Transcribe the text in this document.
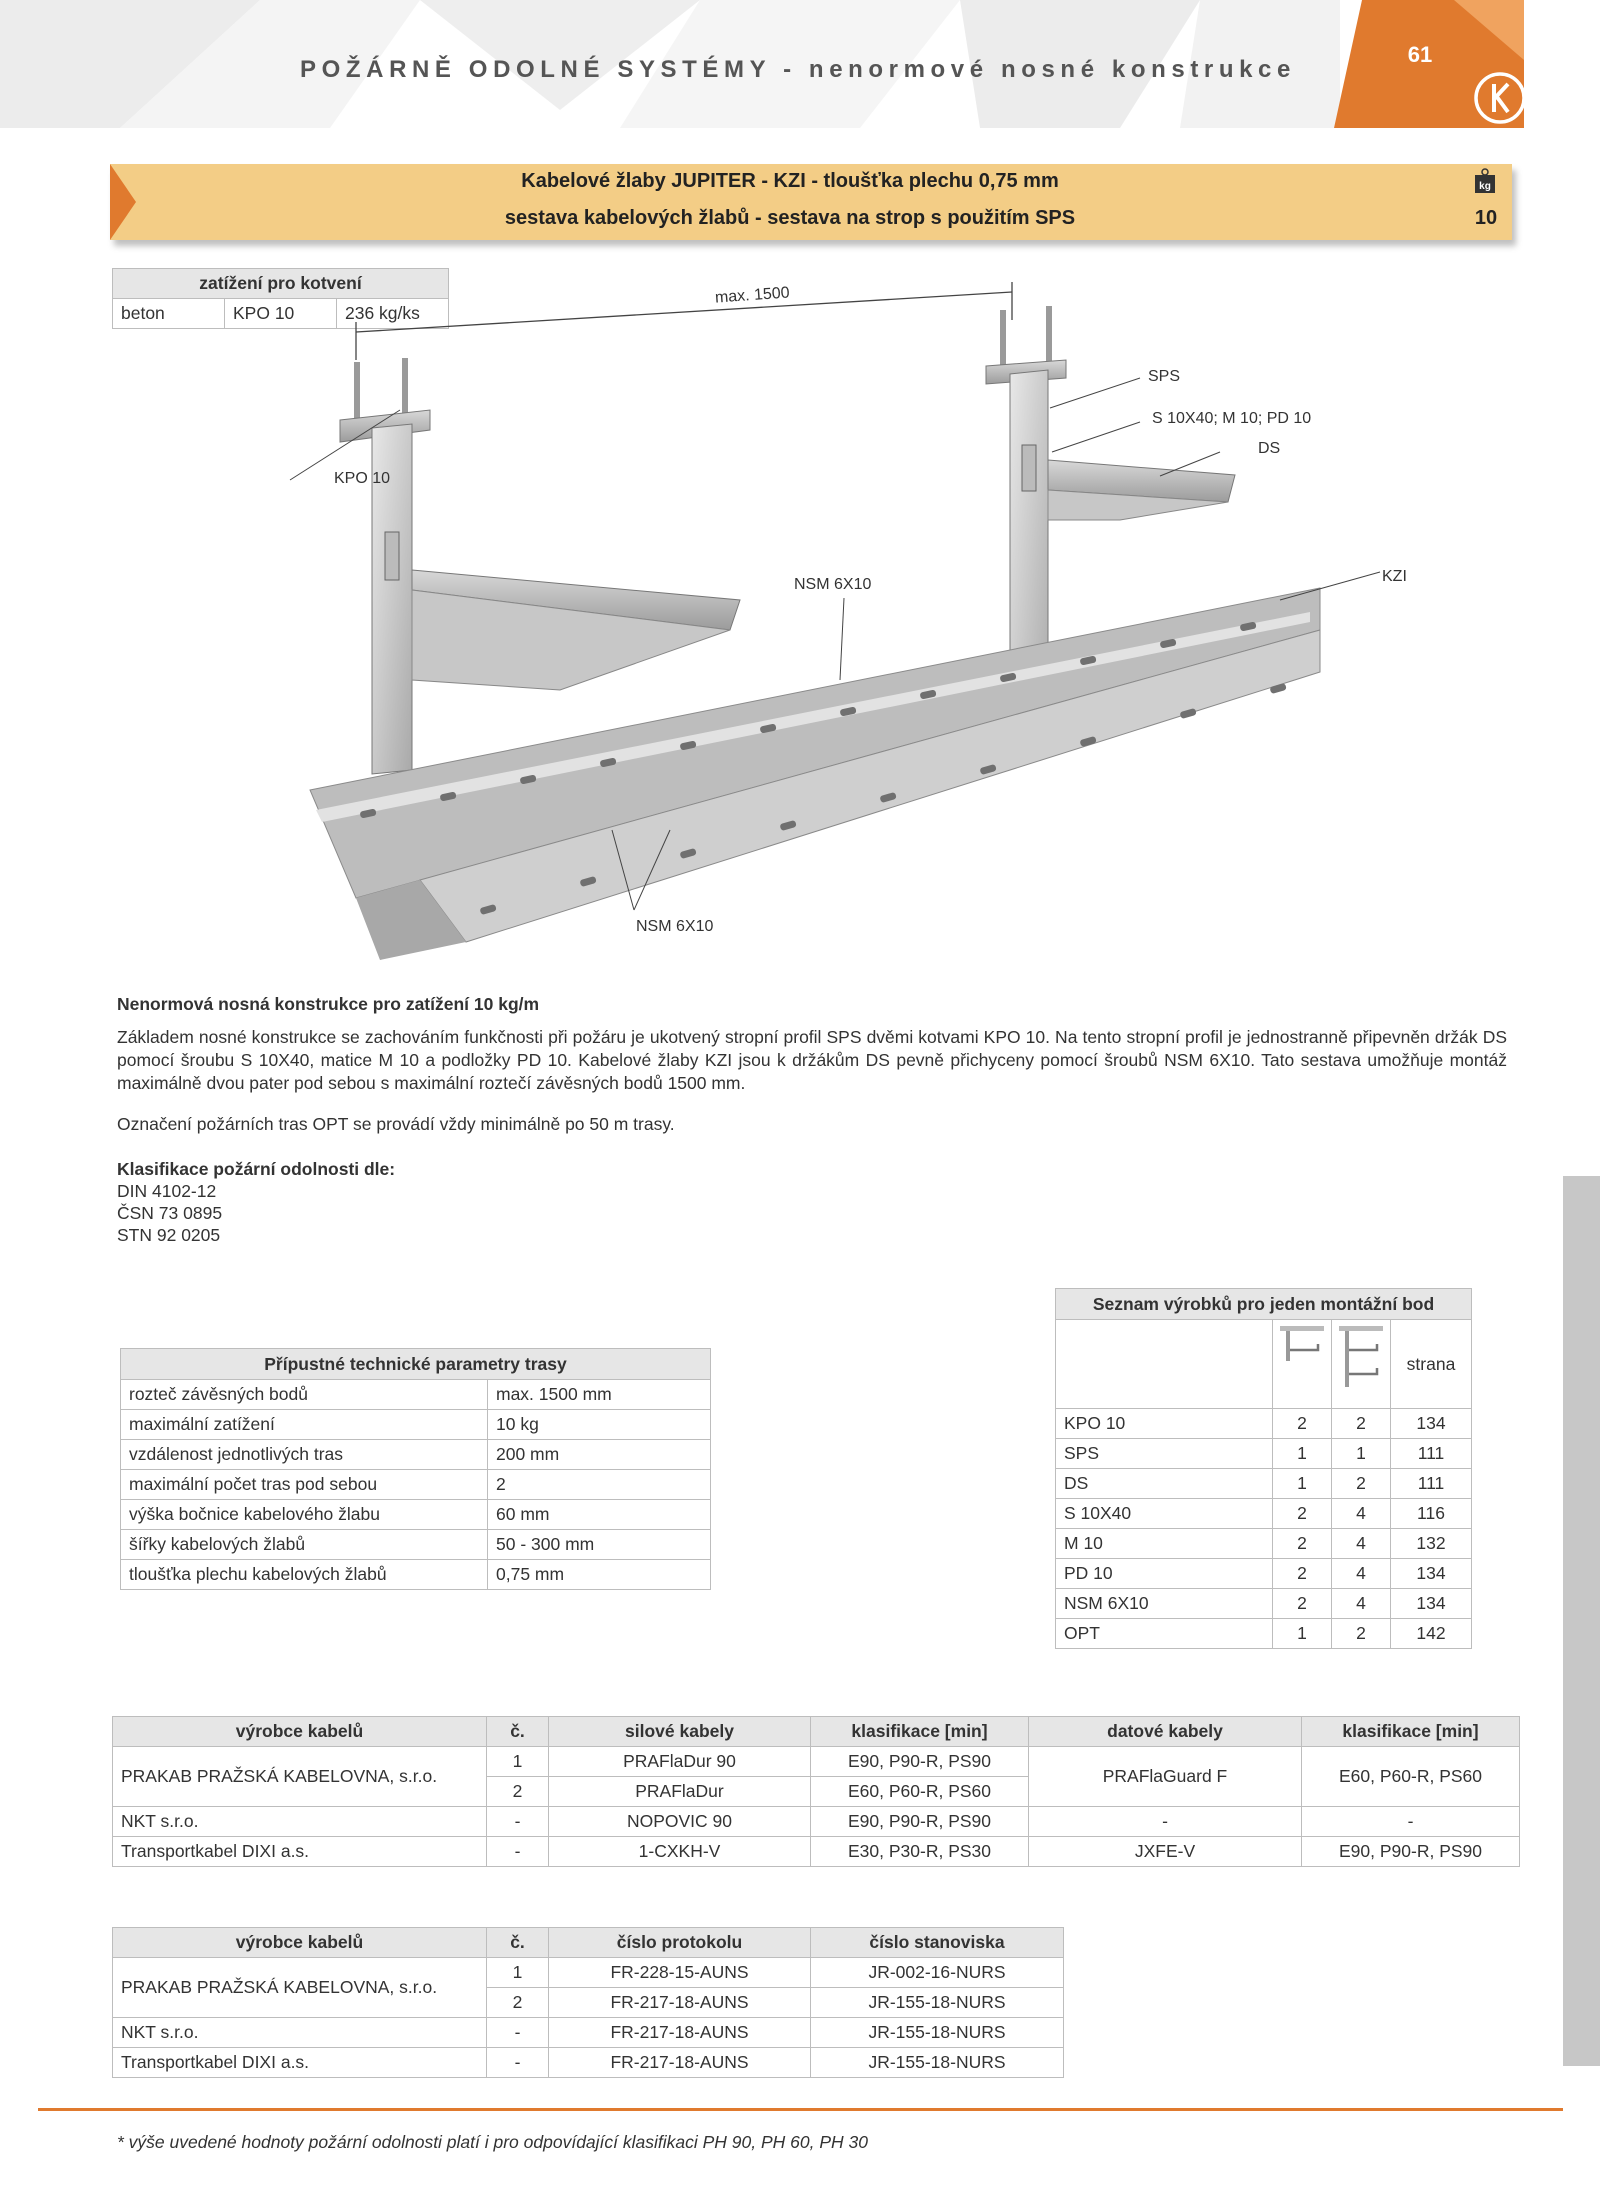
POŽÁRNĚ ODOLNÉ SYSTÉMY - nenormové nosné konstrukce
61
Kabelové žlaby JUPITER - KZI - tloušťka plechu 0,75 mm
sestava kabelových žlabů - sestava na strop s použitím SPS
kg
10
zatížení pro kotvení
beton	KPO 10	236 kg/ks
max. 1500
SPS
S 10X40; M 10; PD 10
DS
KPO 10
NSM 6X10	KZI
NSM 6X10
Nenormová nosná konstrukce pro zatížení 10 kg/m
Základem nosné konstrukce se zachováním funkčnosti při požáru je ukotvený stropní profil SPS dvěmi kotvami KPO 10. Na tento stropní profil je jednostranně připevněn držák DS pomocí šroubu S 10X40, matice M 10 a podložky PD 10. Kabelové žlaby KZI jsou k držákům DS pevně přichyceny pomocí šroubů NSM 6X10. Tato sestava umožňuje montáž maximálně dvou pater pod sebou s maximální roztečí závěsných bodů 1500 mm.
Označení požárních tras OPT se provádí vždy minimálně po 50 m trasy.
Klasifikace požární odolnosti dle:
DIN 4102-12
ČSN 73 0895
STN 92 0205
Přípustné technické parametry trasy	
rozteč závěsných bodů	max. 1500 mm
maximální zatížení	10 kg
vzdálenost jednotlivých tras	200 mm
maximální počet tras pod sebou	2
výška bočnice kabelového žlabu	60 mm
šířky kabelových žlabů	50 - 300 mm
tloušťka plechu kabelových žlabů	0,75 mm
Seznam výrobků pro jeden montážní bod			
			strana
KPO 10	2	2	134
SPS	1	1	111
DS	1	2	111
S 10X40	2	4	116
M 10	2	4	132
PD 10	2	4	134
NSM 6X10	2	4	134
OPT	1	2	142
výrobce kabelů	č.	silové kabely	klasifikace [min]	datové kabely	klasifikace [min]
PRAKAB PRAŽSKÁ KABELOVNA, s.r.o.	1	PRAFlaDur 90	E90, P90-R, PS90	PRAFlaGuard F	E60, P60-R, PS60
	2	PRAFlaDur	E60, P60-R, PS60		
NKT s.r.o.	-	NOPOVIC 90	E90, P90-R, PS90	-	-
Transportkabel DIXI a.s.	-	1-CXKH-V	E30, P30-R, PS30	JXFE-V	E90, P90-R, PS90
výrobce kabelů	č.	číslo protokolu	číslo stanoviska
PRAKAB PRAŽSKÁ KABELOVNA, s.r.o.	1	FR-228-15-AUNS	JR-002-16-NURS
	2	FR-217-18-AUNS	JR-155-18-NURS
NKT s.r.o.	-	FR-217-18-AUNS	JR-155-18-NURS
Transportkabel DIXI a.s.	-	FR-217-18-AUNS	JR-155-18-NURS
* výše uvedené hodnoty požární odolnosti platí i pro odpovídající klasifikaci PH 90, PH 60, PH 30
